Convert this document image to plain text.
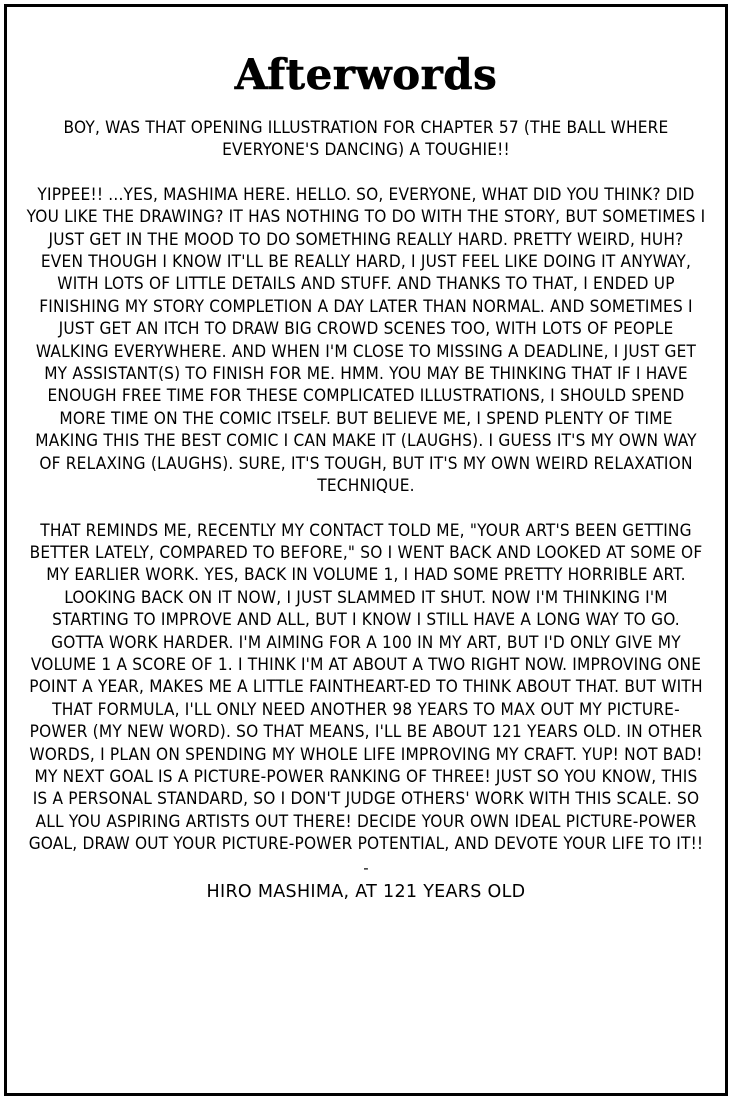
Afterwords

BOY, WAS THAT OPENING ILLUSTRATION FOR CHAPTER 57 (THE BALL WHERE EVERYONE'S DANCING) A TOUGHIE!!

YIPPEE!! ...YES, MASHIMA HERE. HELLO. SO, EVERYONE, WHAT DID YOU THINK? DID YOU LIKE THE DRAWING? IT HAS NOTHING TO DO WITH THE STORY, BUT SOMETIMES I JUST GET IN THE MOOD TO DO SOMETHING REALLY HARD. PRETTY WEIRD, HUH? EVEN THOUGH I KNOW IT'LL BE REALLY HARD, I JUST FEEL LIKE DOING IT ANYWAY, WITH LOTS OF LITTLE DETAILS AND STUFF. AND THANKS TO THAT, I ENDED UP FINISHING MY STORY COMPLETION A DAY LATER THAN NORMAL. AND SOMETIMES I JUST GET AN ITCH TO DRAW BIG CROWD SCENES TOO, WITH LOTS OF PEOPLE WALKING EVERYWHERE. AND WHEN I'M CLOSE TO MISSING A DEADLINE, I JUST GET MY ASSISTANT(S) TO FINISH FOR ME. HMM. YOU MAY BE THINKING THAT IF I HAVE ENOUGH FREE TIME FOR THESE COMPLICATED ILLUSTRATIONS, I SHOULD SPEND MORE TIME ON THE COMIC ITSELF. BUT BELIEVE ME, I SPEND PLENTY OF TIME MAKING THIS THE BEST COMIC I CAN MAKE IT (LAUGHS). I GUESS IT'S MY OWN WAY OF RELAXING (LAUGHS). SURE, IT'S TOUGH, BUT IT'S MY OWN WEIRD RELAXATION TECHNIQUE.

THAT REMINDS ME, RECENTLY MY CONTACT TOLD ME, "YOUR ART'S BEEN GETTING BETTER LATELY, COMPARED TO BEFORE," SO I WENT BACK AND LOOKED AT SOME OF MY EARLIER WORK. YES, BACK IN VOLUME 1, I HAD SOME PRETTY HORRIBLE ART. LOOKING BACK ON IT NOW, I JUST SLAMMED IT SHUT. NOW I'M THINKING I'M STARTING TO IMPROVE AND ALL, BUT I KNOW I STILL HAVE A LONG WAY TO GO. GOTTA WORK HARDER. I'M AIMING FOR A 100 IN MY ART, BUT I'D ONLY GIVE MY VOLUME 1 A SCORE OF 1. I THINK I'M AT ABOUT A TWO RIGHT NOW. IMPROVING ONE POINT A YEAR, MAKES ME A LITTLE FAINTHEART-ED TO THINK ABOUT THAT. BUT WITH THAT FORMULA, I'LL ONLY NEED ANOTHER 98 YEARS TO MAX OUT MY PICTURE-POWER (MY NEW WORD). SO THAT MEANS, I'LL BE ABOUT 121 YEARS OLD. IN OTHER WORDS, I PLAN ON SPENDING MY WHOLE LIFE IMPROVING MY CRAFT. YUP! NOT BAD! MY NEXT GOAL IS A PICTURE-POWER RANKING OF THREE! JUST SO YOU KNOW, THIS IS A PERSONAL STANDARD, SO I DON'T JUDGE OTHERS' WORK WITH THIS SCALE. SO ALL YOU ASPIRING ARTISTS OUT THERE! DECIDE YOUR OWN IDEAL PICTURE-POWER GOAL, DRAW OUT YOUR PICTURE-POWER POTENTIAL, AND DEVOTE YOUR LIFE TO IT!!

-

HIRO MASHIMA, AT 121 YEARS OLD
